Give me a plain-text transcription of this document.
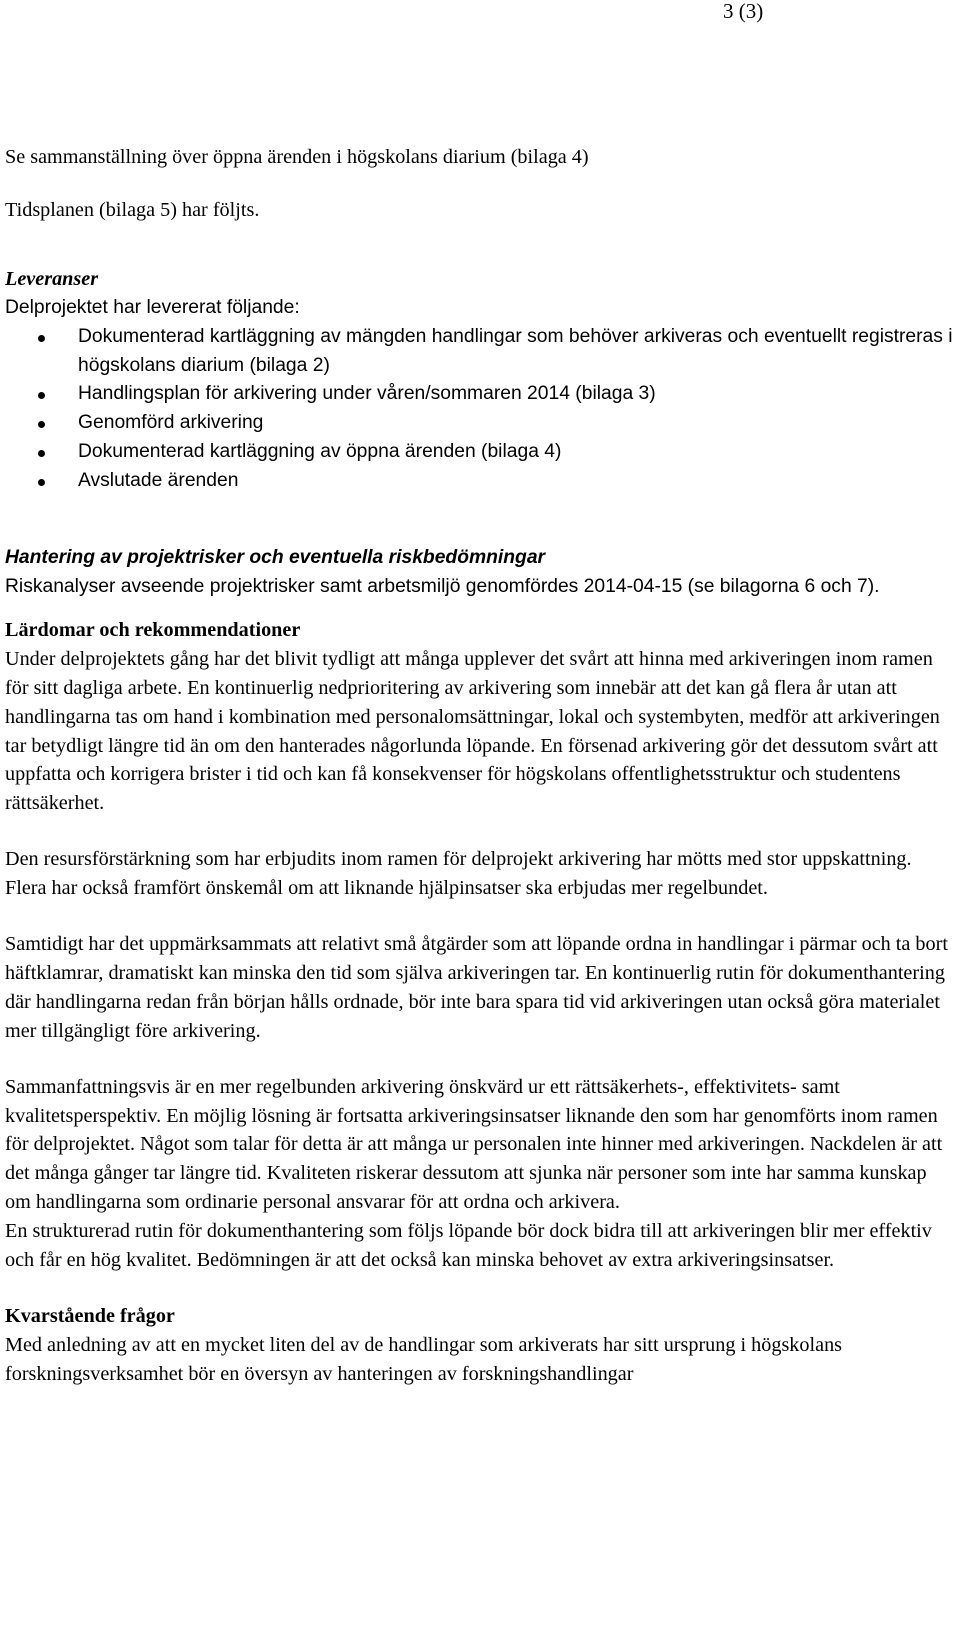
3 (3)

Se sammanställning över öppna ärenden i högskolans diarium (bilaga 4)

Tidsplanen (bilaga 5) har följts.

Leveranser

Delprojektet har levererat följande:

Dokumenterad kartläggning av mängden handlingar som behöver arkiveras och eventuellt registreras i högskolans diarium (bilaga 2)
Handlingsplan för arkivering under våren/sommaren 2014 (bilaga 3)
Genomförd arkivering
Dokumenterad kartläggning av öppna ärenden (bilaga 4)
Avslutade ärenden

Hantering av projektrisker och eventuella riskbedömningar

Riskanalyser avseende projektrisker samt arbetsmiljö genomfördes 2014-04-15 (se bilagorna 6 och 7).

Lärdomar och rekommendationer

Under delprojektets gång har det blivit tydligt att många upplever det svårt att hinna med arkiveringen inom ramen för sitt dagliga arbete. En kontinuerlig nedprioritering av arkivering som innebär att det kan gå flera år utan att handlingarna tas om hand i kombination med personalomsättningar, lokal och systembyten, medför att arkiveringen tar betydligt längre tid än om den hanterades någorlunda löpande. En försenad arkivering gör det dessutom svårt att uppfatta och korrigera brister i tid och kan få konsekvenser för högskolans offentlighetsstruktur och studentens rättsäkerhet.

Den resursförstärkning som har erbjudits inom ramen för delprojekt arkivering har mötts med stor uppskattning. Flera har också framfört önskemål om att liknande hjälpinsatser ska erbjudas mer regelbundet.

Samtidigt har det uppmärksammats att relativt små åtgärder som att löpande ordna in handlingar i pärmar och ta bort häftklamrar, dramatiskt kan minska den tid som själva arkiveringen tar. En kontinuerlig rutin för dokumenthantering där handlingarna redan från början hålls ordnade, bör inte bara spara tid vid arkiveringen utan också göra materialet mer tillgängligt före arkivering.

Sammanfattningsvis är en mer regelbunden arkivering önskvärd ur ett rättsäkerhets-, effektivitets- samt kvalitetsperspektiv. En möjlig lösning är fortsatta arkiveringsinsatser liknande den som har genomförts inom ramen för delprojektet. Något som talar för detta är att många ur personalen inte hinner med arkiveringen. Nackdelen är att det många gånger tar längre tid. Kvaliteten riskerar dessutom att sjunka när personer som inte har samma kunskap om handlingarna som ordinarie personal ansvarar för att ordna och arkivera.

En strukturerad rutin för dokumenthantering som följs löpande bör dock bidra till att arkiveringen blir mer effektiv och får en hög kvalitet. Bedömningen är att det också kan minska behovet av extra arkiveringsinsatser.

Kvarstående frågor

Med anledning av att en mycket liten del av de handlingar som arkiverats har sitt ursprung i högskolans forskningsverksamhet bör en översyn av hanteringen av forskningshandlingar
